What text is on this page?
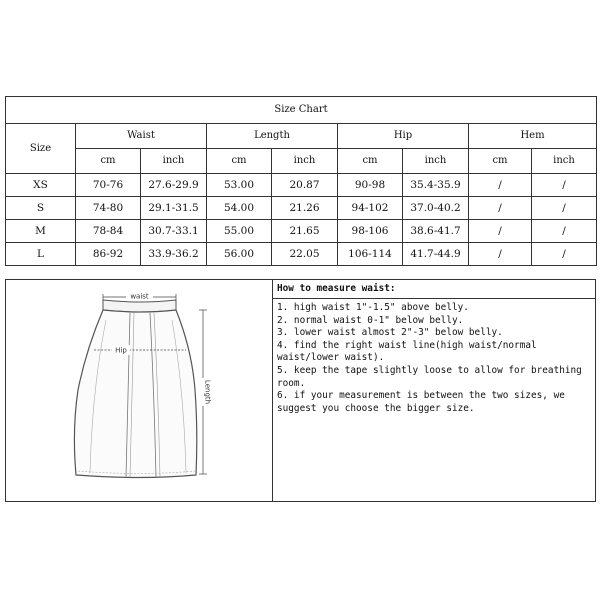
Size Chart								
Size	Waist		Length		Hip		Hem	
	cm	inch	cm	inch	cm	inch	cm	inch
XS	70-76	27.6-29.9	53.00	20.87	90-98	35.4-35.9	/	/
S	74-80	29.1-31.5	54.00	21.26	94-102	37.0-40.2	/	/
M	78-84	30.7-33.1	55.00	21.65	98-106	38.6-41.7	/	/
L	86-92	33.9-36.2	56.00	22.05	106-114	41.7-44.9	/	/
waist
Hip
Length
How to measure waist:
1. high waist 1"-1.5" above belly.
2. normal waist 0-1" below belly.
3. lower waist almost 2"-3" below belly.
4. find the right waist line(high waist/normal waist/lower waist).
5. keep the tape slightly loose to allow for breathing room.
6. if your measurement is between the two sizes, we suggest you choose the bigger size.
